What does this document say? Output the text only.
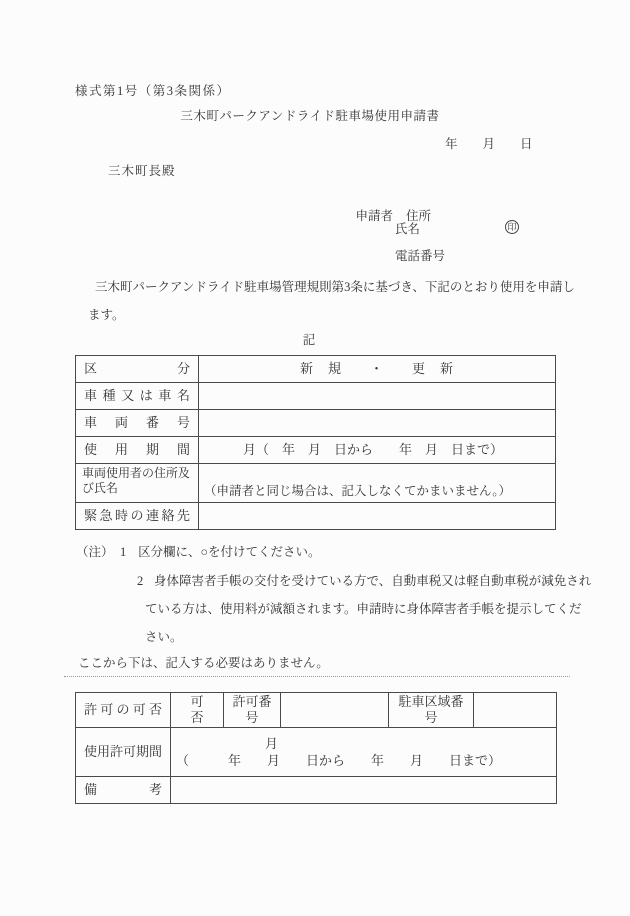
様式第1号（第3条関係）
三木町パークアンドライド駐車場使用申請書
年　　月　　日
三木町長殿

申請者 住所

氏名	印
電話番号
三木町パークアンドライド駐車場管理規則第3条に基づき、下記のとおり使用を申請し
ます。
記
区分	新　規　　・　　更　新
車種又は車名	
車両番号	
使用期間	月（　年　月　日から　　年　月　日まで）
車両使用者の住所及び氏名	（申請者と同じ場合は、記入しなくてかまいません。）
緊急時の連絡先	
（注） 1 区分欄に、○を付けてください。
2 身体障害者手帳の交付を受けている方で、自動車税又は軽自動車税が減免され
ている方は、使用料が減額されます。申請時に身体障害者手帳を提示してくだ
さい。
ここから下は、記入する必要はありません。
許可の可否	可　否	許可番号		駐車区域番号	
使用許可期間	月
（　　　年　　月　　日から　　年　　月　　日まで）				

備考					
